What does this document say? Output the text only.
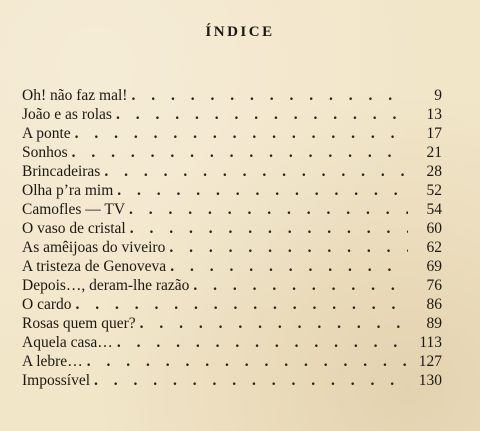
ÍNDICE
Oh! não faz mal! . . .	9
João e as rolas . . .	13
A ponte . . .	17
Sonhos . . .	21
Brincadeiras . . .	28
Olha p’ra mim . . .	52
Camofles — TV . . .	54
O vaso de cristal . . .	60
As amêijoas do viveiro . . .	62
A tristeza de Genoveva . . .	69
Depois…, deram-lhe razão . . .	76
O cardo . . .	86
Rosas quem quer? . . .	89
Aquela casa… . . .	113
A lebre… . . .	127
Impossível . . .	130
